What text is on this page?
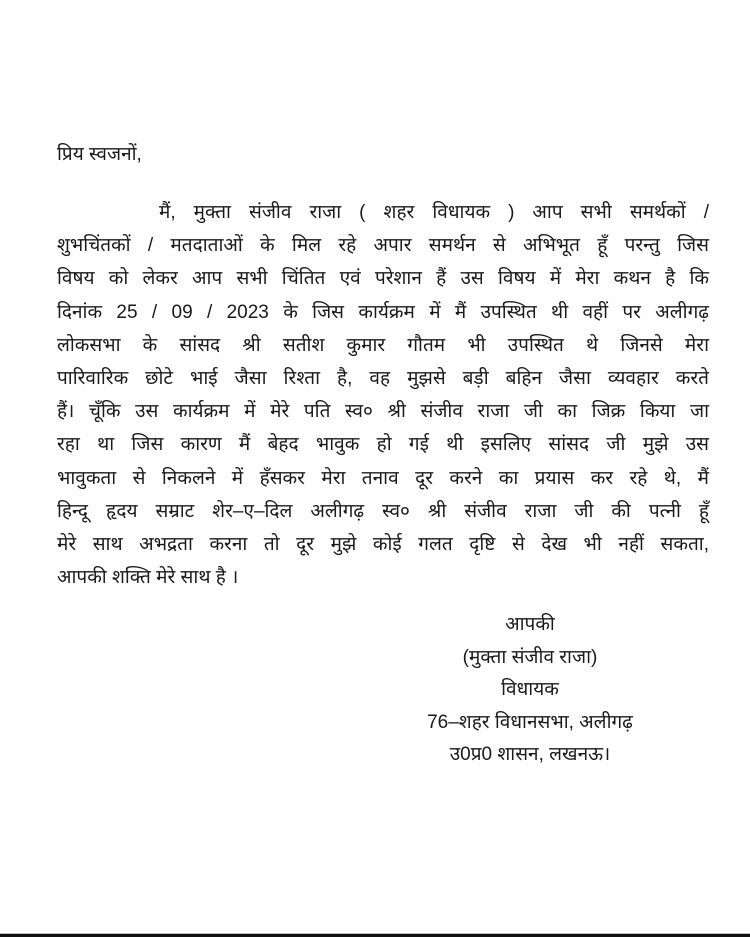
प्रिय स्वजनों,
मैं, मुक्ता संजीव राजा ( शहर विधायक ) आप सभी समर्थकों /
शुभचिंतकों / मतदाताओं के मिल रहे अपार समर्थन से अभिभूत हूँ परन्तु जिस
विषय को लेकर आप सभी चिंतित एवं परेशान हैं उस विषय में मेरा कथन है कि
दिनांक 25 / 09 / 2023 के जिस कार्यक्रम में मैं उपस्थित थी वहीं पर अलीगढ़
लोकसभा के सांसद श्री सतीश कुमार गौतम भी उपस्थित थे जिनसे मेरा
पारिवारिक छोटे भाई जैसा रिश्ता है, वह मुझसे बड़ी बहिन जैसा व्यवहार करते
हैं। चूँकि उस कार्यक्रम में मेरे पति स्व० श्री संजीव राजा जी का जिक्र किया जा
रहा था जिस कारण मैं बेहद भावुक हो गई थी इसलिए सांसद जी मुझे उस
भावुकता से निकलने में हँसकर मेरा तनाव दूर करने का प्रयास कर रहे थे, मैं
हिन्दू हृदय सम्राट शेर–ए–दिल अलीगढ़ स्व० श्री संजीव राजा जी की पत्नी हूँ
मेरे साथ अभद्रता करना तो दूर मुझे कोई गलत दृष्टि से देख भी नहीं सकता,
आपकी शक्ति मेरे साथ है ।
आपकी
(मुक्ता संजीव राजा)
विधायक
76–शहर विधानसभा, अलीगढ़
उ0प्र0 शासन, लखनऊ।
